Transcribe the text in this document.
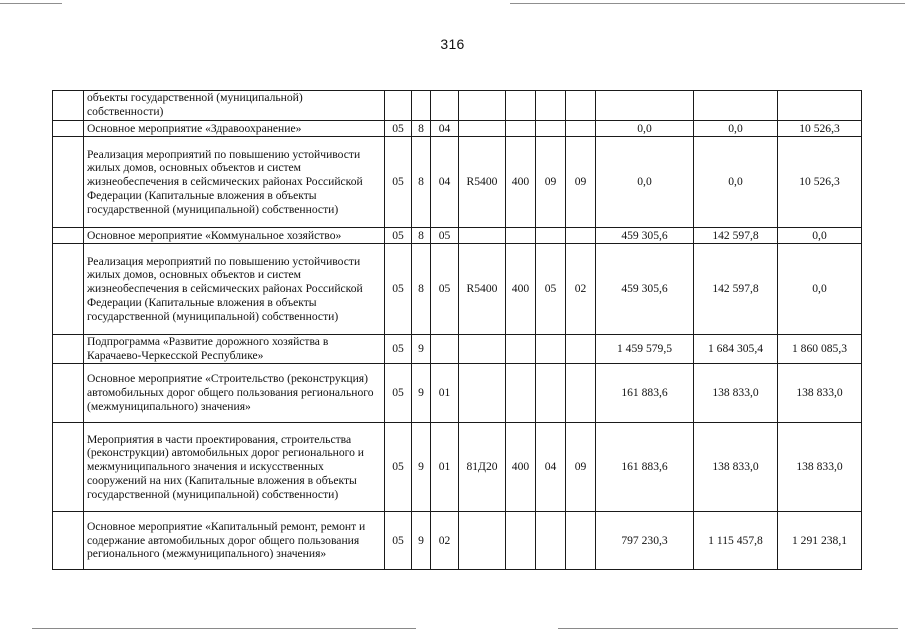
316
	объекты государственной (муниципальной) собственности)										
	Основное мероприятие «Здравоохранение»	05	8	04					0,0	0,0	10 526,3
	Реализация мероприятий по повышению устойчивости жилых домов, основных объектов и систем жизнеобеспечения в сейсмических районах Российской Федерации (Капитальные вложения в объекты государственной (муниципальной) собственности)	05	8	04	R5400	400	09	09	0,0	0,0	10 526,3
	Основное мероприятие «Коммунальное хозяйство»	05	8	05					459 305,6	142 597,8	0,0
	Реализация мероприятий по повышению устойчивости жилых домов, основных объектов и систем жизнеобеспечения в сейсмических районах Российской Федерации (Капитальные вложения в объекты государственной (муниципальной) собственности)	05	8	05	R5400	400	05	02	459 305,6	142 597,8	0,0
	Подпрограмма «Развитие дорожного хозяйства в Карачаево-Черкесской Республике»	05	9						1 459 579,5	1 684 305,4	1 860 085,3
	Основное мероприятие «Строительство (реконструкция) автомобильных дорог общего пользования регионального (межмуниципального) значения»	05	9	01					161 883,6	138 833,0	138 833,0
	Мероприятия в части проектирования, строительства (реконструкции) автомобильных дорог регионального и межмуниципального значения и искусственных сооружений на них (Капитальные вложения в объекты государственной (муниципальной) собственности)	05	9	01	81Д20	400	04	09	161 883,6	138 833,0	138 833,0
	Основное мероприятие «Капитальный ремонт, ремонт и содержание автомобильных дорог общего пользования регионального (межмуниципального) значения»	05	9	02					797 230,3	1 115 457,8	1 291 238,1
